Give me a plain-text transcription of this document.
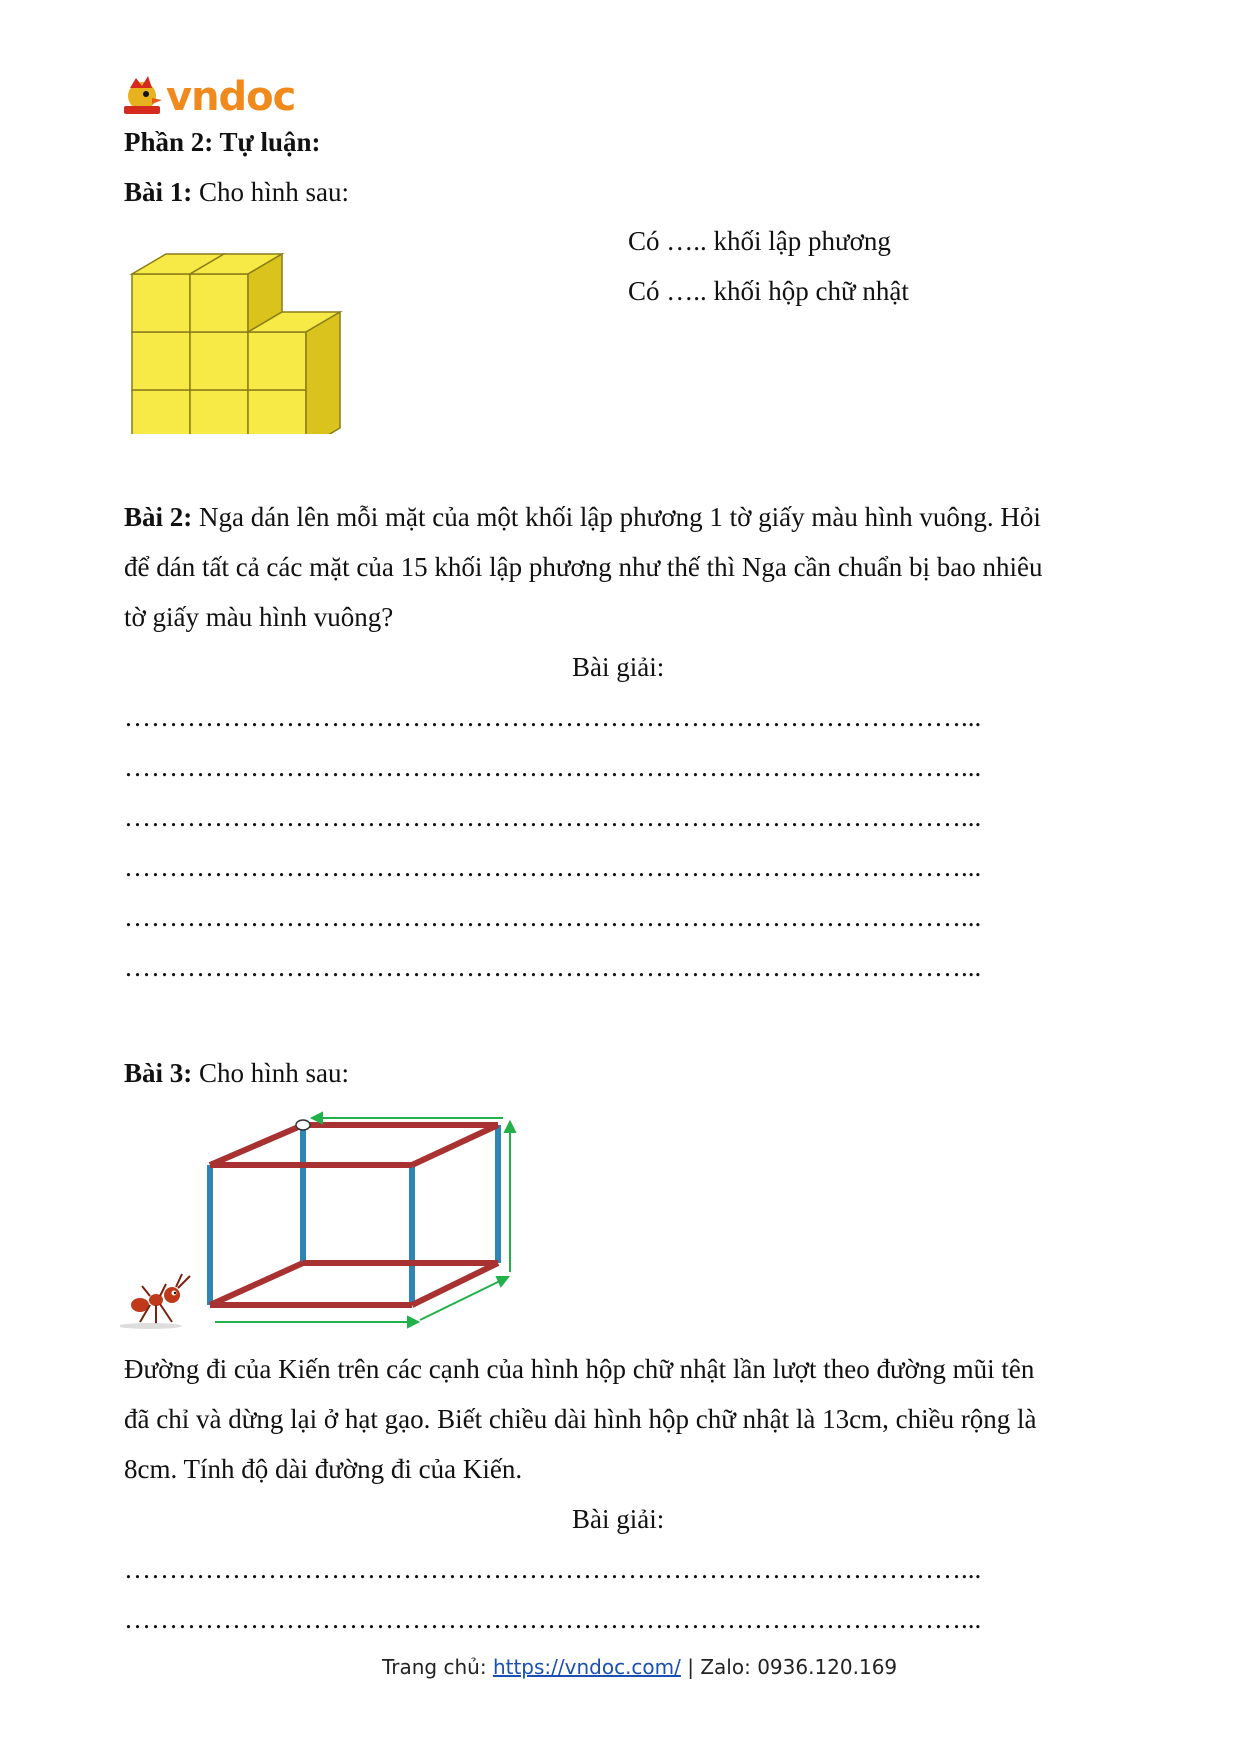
vndoc
Phần 2: Tự luận:
Bài 1: Cho hình sau:
Có ….. khối lập phương
Có ….. khối hộp chữ nhật
Bài 2: Nga dán lên mỗi mặt của một khối lập phương 1 tờ giấy màu hình vuông. Hỏi
để dán tất cả các mặt của 15 khối lập phương như thế thì Nga cần chuẩn bị bao nhiêu
tờ giấy màu hình vuông?
Bài giải:
…………………………………………………………………………………...
…………………………………………………………………………………...
…………………………………………………………………………………...
…………………………………………………………………………………...
…………………………………………………………………………………...
…………………………………………………………………………………...
Bài 3: Cho hình sau:
Đường đi của Kiến trên các cạnh của hình hộp chữ nhật lần lượt theo đường mũi tên
đã chỉ và dừng lại ở hạt gạo. Biết chiều dài hình hộp chữ nhật là 13cm, chiều rộng là
8cm. Tính độ dài đường đi của Kiến.
Bài giải:
…………………………………………………………………………………...
…………………………………………………………………………………...
Trang chủ: https://vndoc.com/ | Zalo: 0936.120.169
